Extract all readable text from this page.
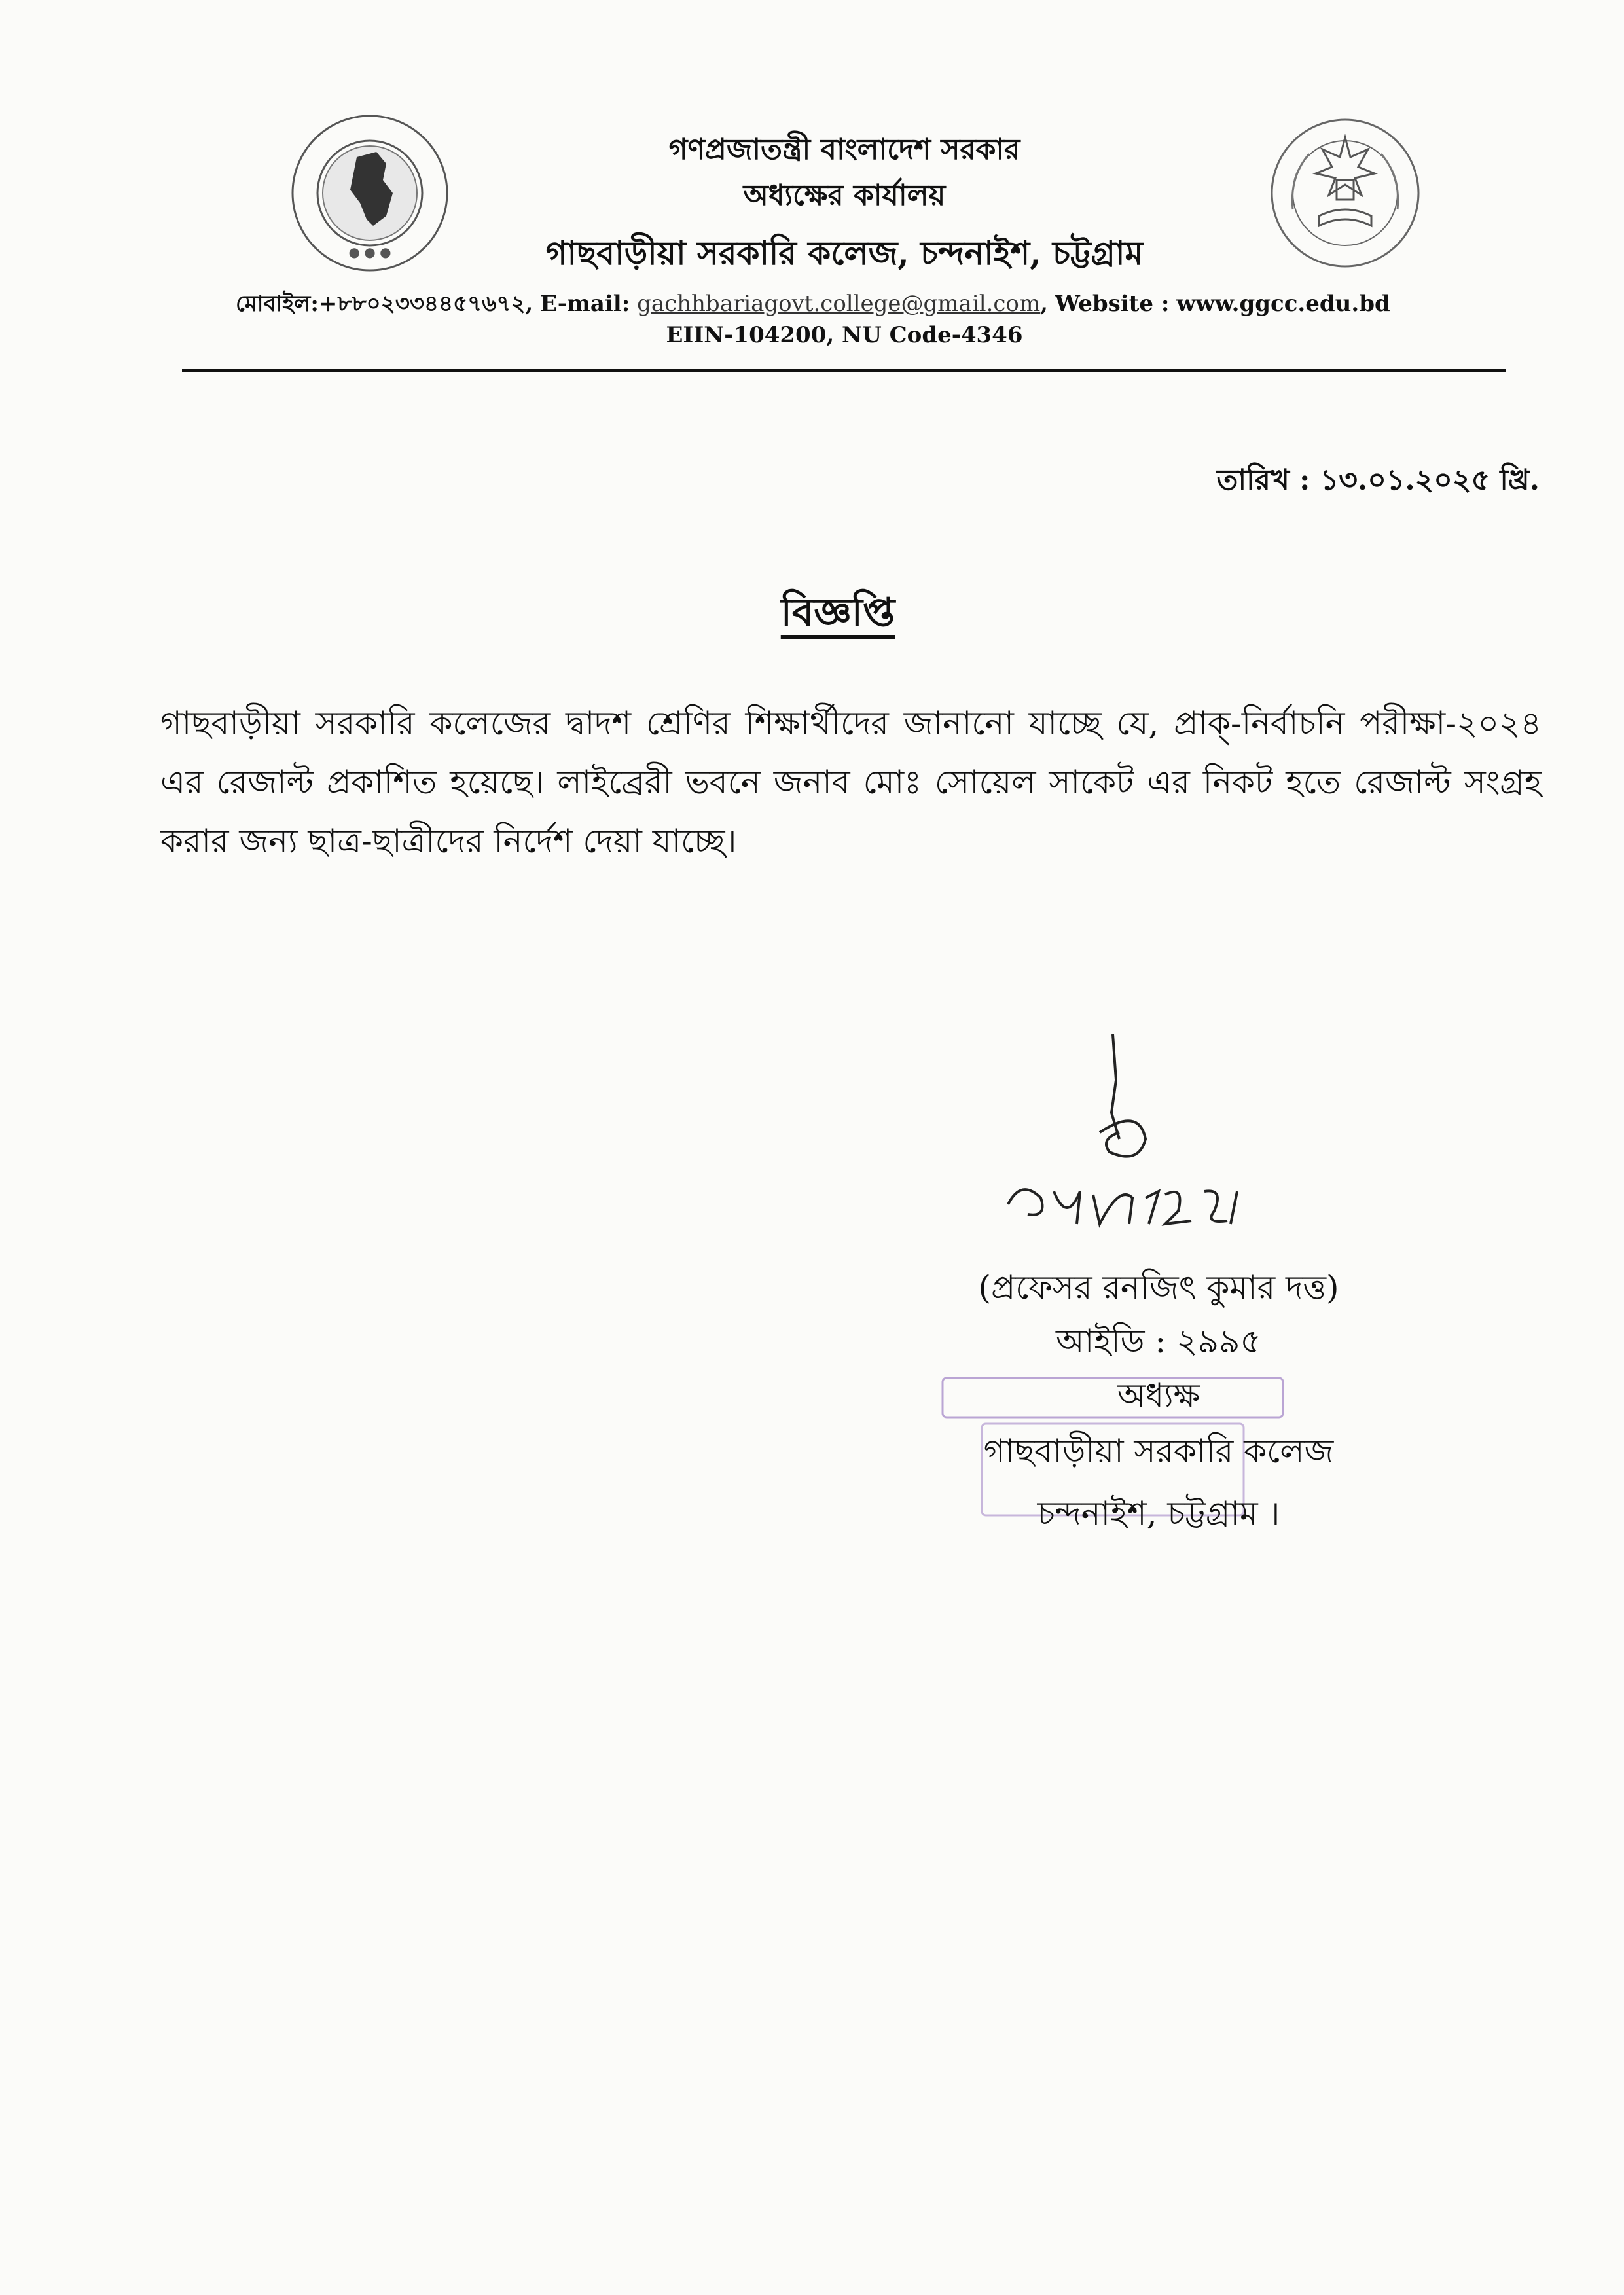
● ● ●
গণপ্রজাতন্ত্রী বাংলাদেশ সরকার
অধ্যক্ষের কার্যালয়
গাছবাড়ীয়া সরকারি কলেজ, চন্দনাইশ, চট্টগ্রাম
মোবাইল:+৮৮০২৩৩৪৪৫৭৬৭২, E-mail: gachhbariagovt.college@gmail.com, Website : www.ggcc.edu.bd
EIIN-104200, NU Code-4346
তারিখ : ১৩.০১.২০২৫ খ্রি.
বিজ্ঞপ্তি
গাছবাড়ীয়া সরকারি কলেজের দ্বাদশ শ্রেণির শিক্ষার্থীদের জানানো যাচ্ছে যে, প্রাক্-নির্বাচনি পরীক্ষা-২০২৪ এর রেজাল্ট প্রকাশিত হয়েছে। লাইব্রেরী ভবনে জনাব মোঃ সোয়েল সাকেট এর নিকট হতে রেজাল্ট সংগ্রহ করার জন্য ছাত্র-ছাত্রীদের নির্দেশ দেয়া যাচ্ছে।
(প্রফেসর রনজিৎ কুমার দত্ত)
আইডি : ২৯৯৫
অধ্যক্ষ
গাছবাড়ীয়া সরকারি কলেজ
চন্দনাইশ, চট্টগ্রাম ।
